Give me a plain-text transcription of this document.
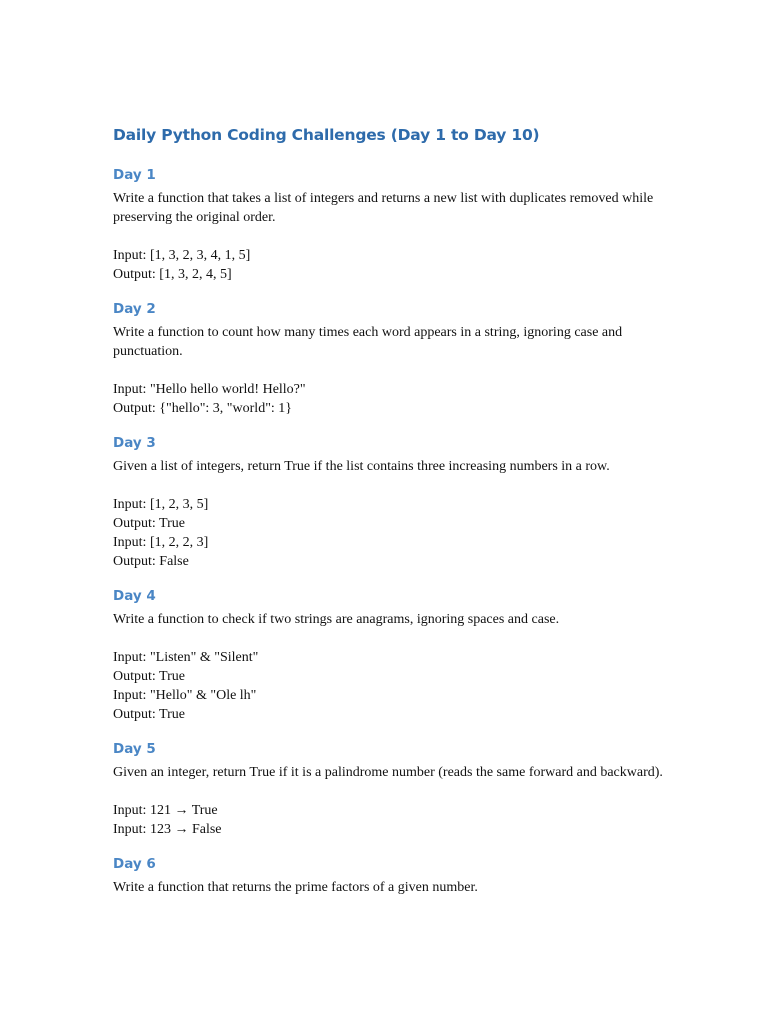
Daily Python Coding Challenges (Day 1 to Day 10)
Day 1

Write a function that takes a list of integers and returns a new list with duplicates removed while preserving the original order.

Input: [1, 3, 2, 3, 4, 1, 5]

Output: [1, 3, 2, 4, 5]

Day 2

Write a function to count how many times each word appears in a string, ignoring case and punctuation.

Input: "Hello hello world! Hello?"

Output: {"hello": 3, "world": 1}

Day 3

Given a list of integers, return True if the list contains three increasing numbers in a row.

Input: [1, 2, 3, 5]

Output: True

Input: [1, 2, 2, 3]

Output: False

Day 4

Write a function to check if two strings are anagrams, ignoring spaces and case.

Input: "Listen" & "Silent"

Output: True

Input: "Hello" & "Ole lh"

Output: True

Day 5

Given an integer, return True if it is a palindrome number (reads the same forward and backward).

Input: 121 → True

Input: 123 → False

Day 6

Write a function that returns the prime factors of a given number.
